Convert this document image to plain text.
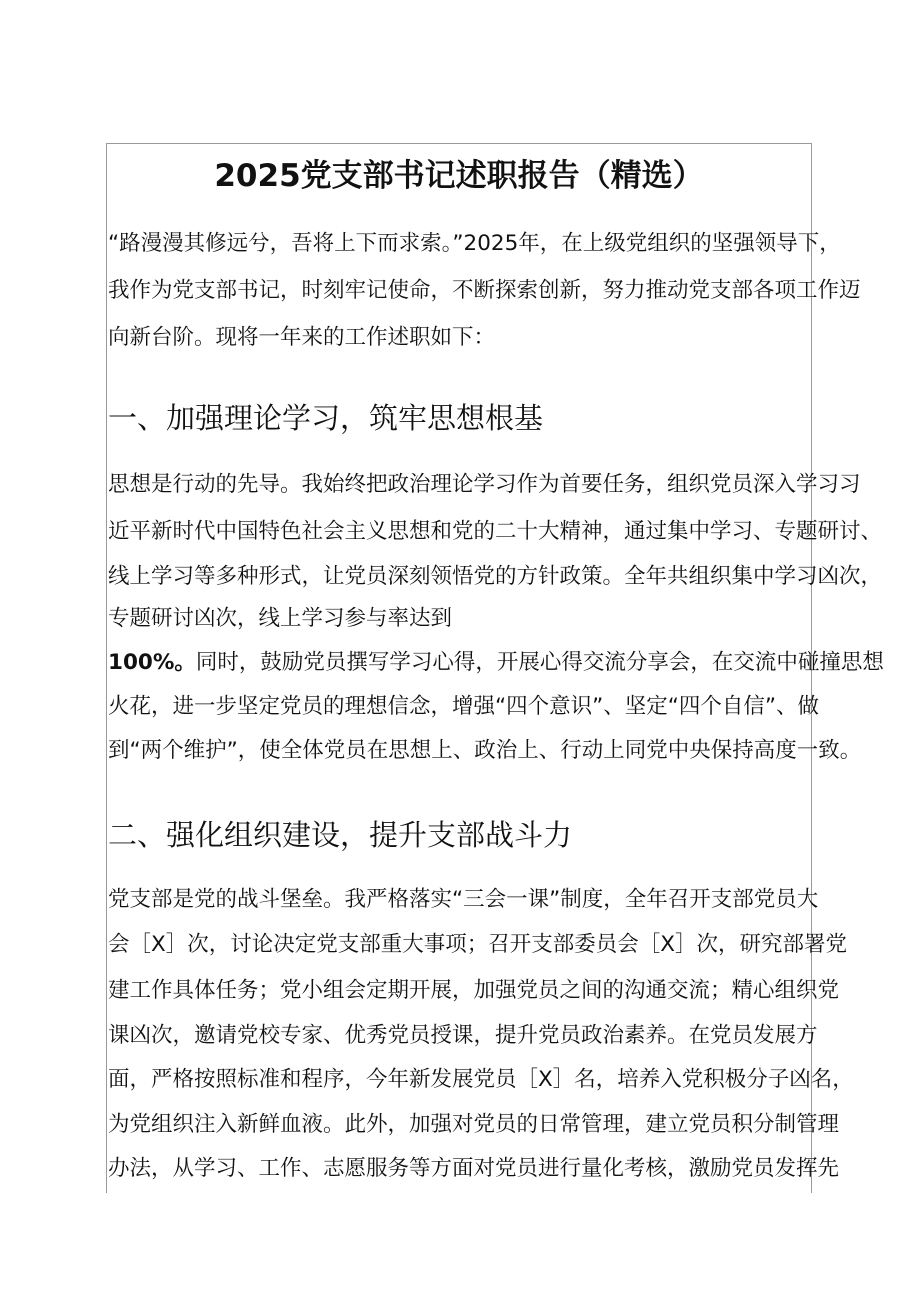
2025党支部书记述职报告（精选）
“路漫漫其修远兮，吾将上下而求索。”2025年，在上级党组织的坚强领导下，
我作为党支部书记，时刻牢记使命，不断探索创新，努力推动党支部各项工作迈
向新台阶。现将一年来的工作述职如下：
一、加强理论学习，筑牢思想根基
思想是行动的先导。我始终把政治理论学习作为首要任务，组织党员深入学习习
近平新时代中国特色社会主义思想和党的二十大精神，通过集中学习、专题研讨、
线上学习等多种形式，让党员深刻领悟党的方针政策。全年共组织集中学习凶次，
专题研讨凶次，线上学习参与率达到
100%。同时，鼓励党员撰写学习心得，开展心得交流分享会，在交流中碰撞思想
火花，进一步坚定党员的理想信念，增强“四个意识”、坚定“四个自信”、做
到“两个维护”，使全体党员在思想上、政治上、行动上同党中央保持高度一致。
二、强化组织建设，提升支部战斗力
党支部是党的战斗堡垒。我严格落实“三会一课”制度，全年召开支部党员大
会［X］次，讨论决定党支部重大事项；召开支部委员会［X］次，研究部署党
建工作具体任务；党小组会定期开展，加强党员之间的沟通交流；精心组织党
课凶次，邀请党校专家、优秀党员授课，提升党员政治素养。在党员发展方
面，严格按照标准和程序，今年新发展党员［X］名，培养入党积极分子凶名，
为党组织注入新鲜血液。此外，加强对党员的日常管理，建立党员积分制管理
办法，从学习、工作、志愿服务等方面对党员进行量化考核，激励党员发挥先
